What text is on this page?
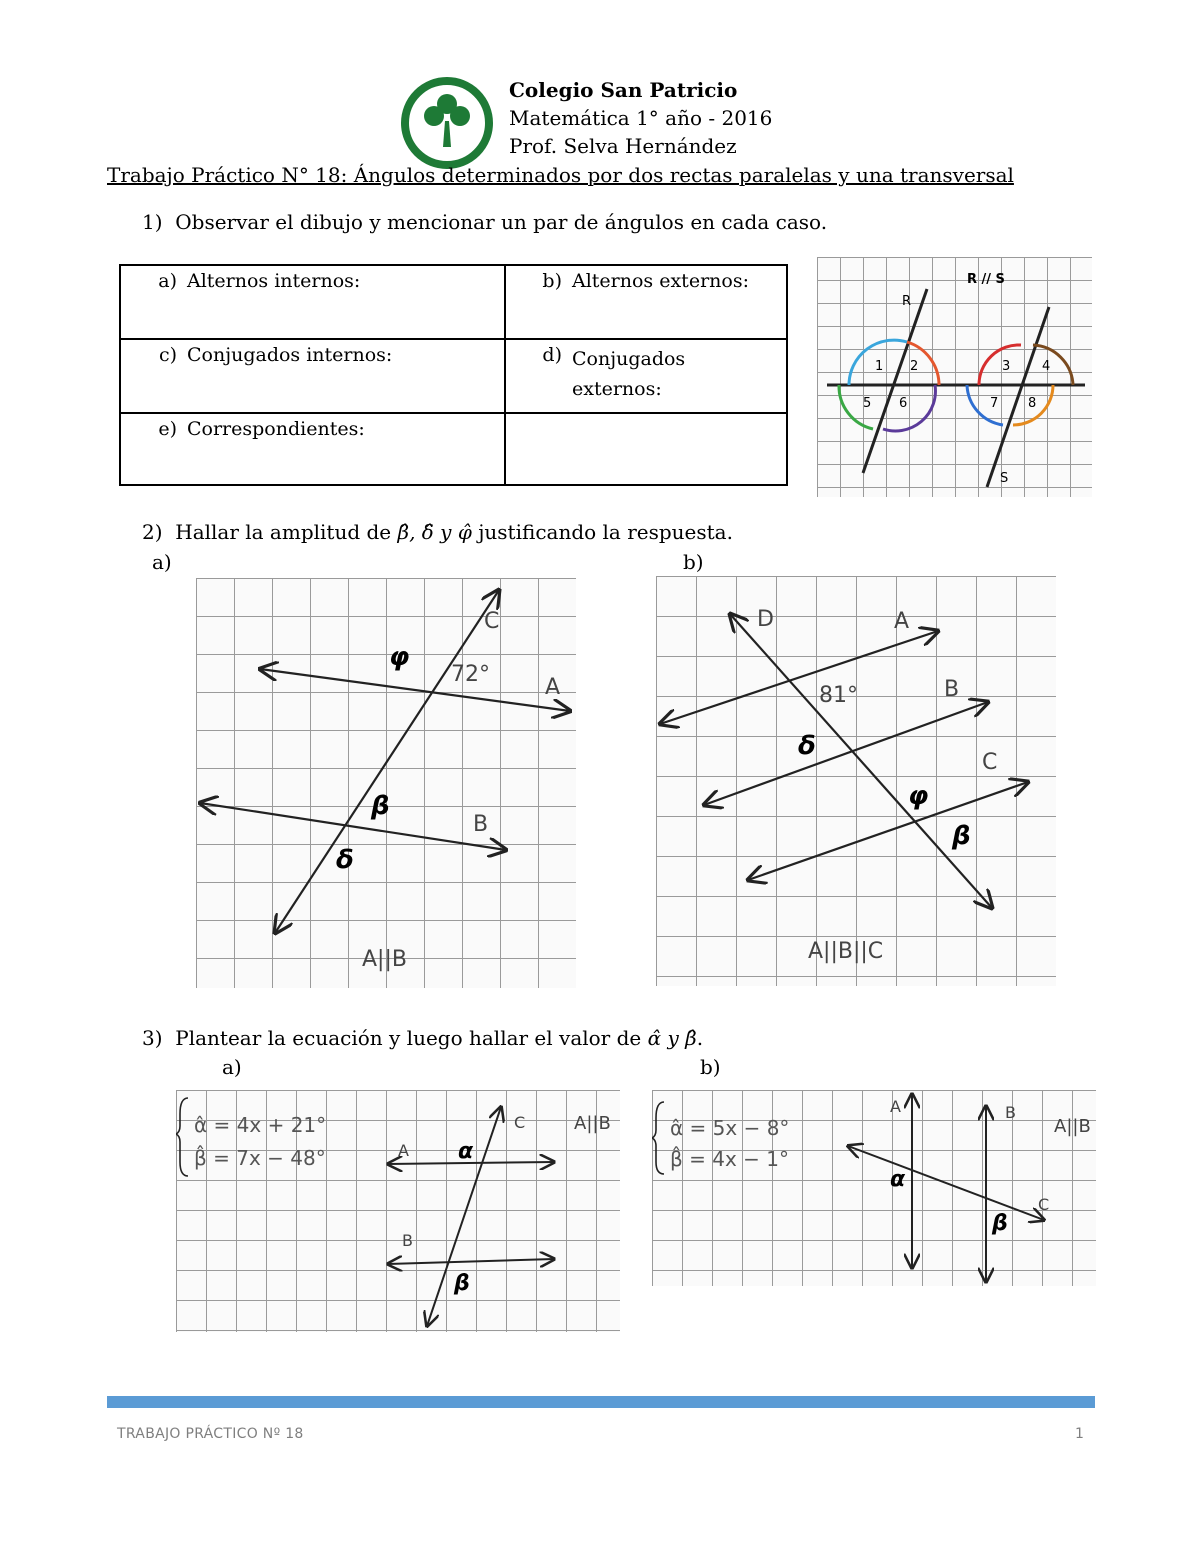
Colegio San Patricio
Matemática 1° año - 2016
Prof. Selva Hernández
Trabajo Práctico N° 18: Ángulos determinados por dos rectas paralelas y una transversal
1) Observar el dibujo y mencionar un par de ángulos en cada caso.
a) Alternos internos:	b) Alternos externos:
c) Conjugados internos:	d) Conjugados externos:
e) Correspondientes:	
R // S
R
S
1 2	3 4
5 6	7 8
2) Hallar la amplitud de β̂, δ̂ y φ̂ justificando la respuesta.
a)	b)
C
A
B
72°
φ
β
δ
A||B
D	A
B
C
81°
δ
φ
β
A||B||C
3) Plantear la ecuación y luego hallar el valor de α̂ y β̂.
a)	b)
α̂ = 4x + 21°
β̂ = 7x − 48°
C
A
B
α
β
A||B	α̂ = 5x − 8°
β̂ = 4x − 1°
A	B
C
α
β
A||B
TRABAJO PRÁCTICO Nº 18	1
